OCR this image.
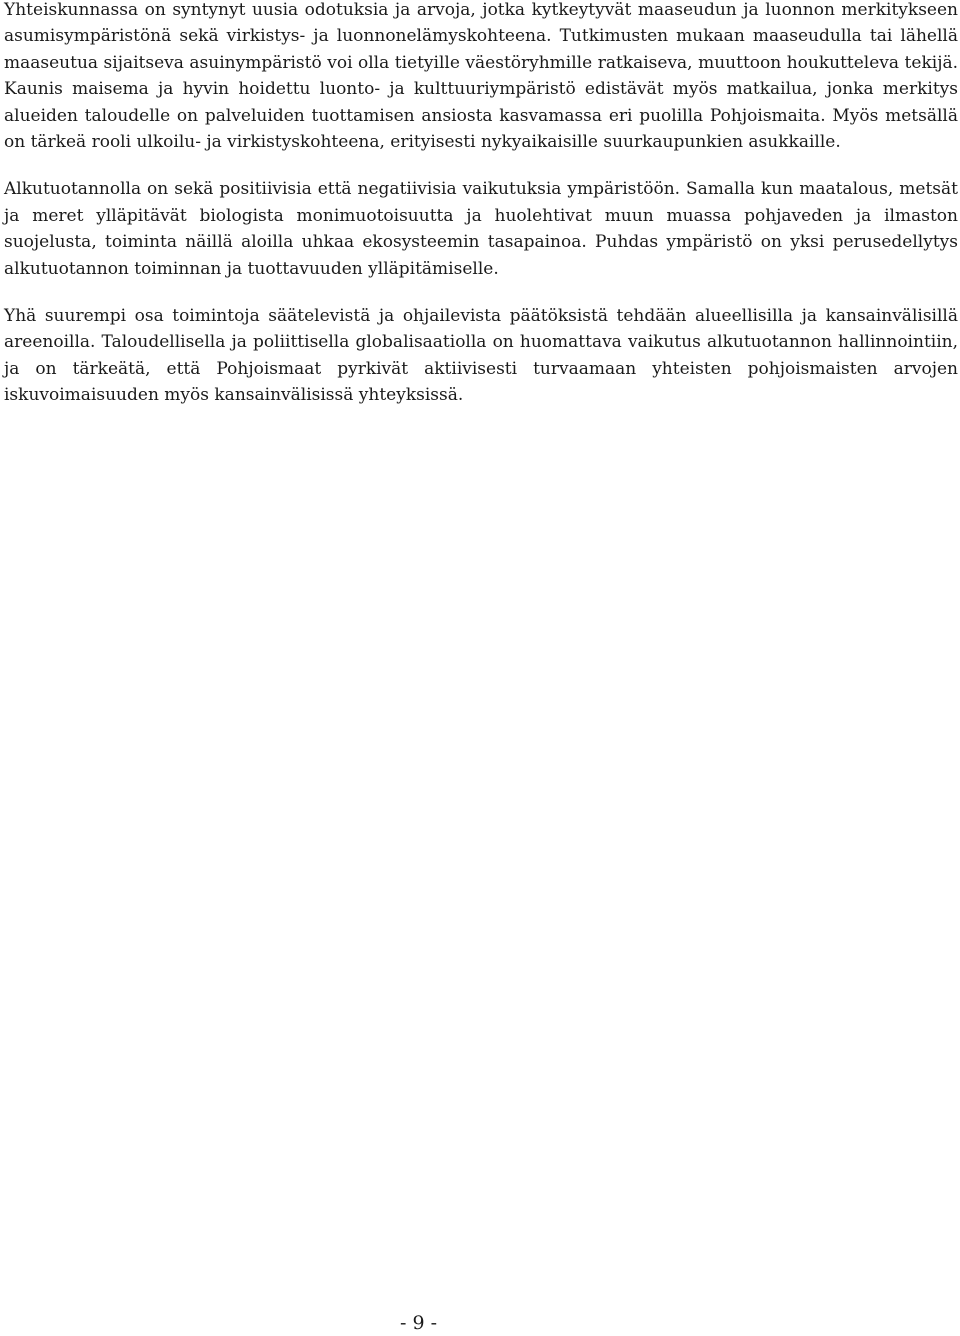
Yhteiskunnassa on syntynyt uusia odotuksia ja arvoja, jotka kytkeytyvät maaseudun ja luonnon merkitykseen asumisympäristönä sekä virkistys- ja luonnonelämyskohteena. Tutkimusten mukaan maaseudulla tai lähellä maaseutua sijaitseva asuinympäristö voi olla tietyille väestöryhmille ratkaiseva, muuttoon houkutteleva tekijä. Kaunis maisema ja hyvin hoidettu luonto- ja kulttuuriympäristö edistävät myös matkailua, jonka merkitys alueiden taloudelle on palveluiden tuottamisen ansiosta kasvamassa eri puolilla Pohjoismaita. Myös metsällä on tärkeä rooli ulkoilu- ja virkistyskohteena, erityisesti nykyaikaisille suurkaupunkien asukkaille.

Alkutuotannolla on sekä positiivisia että negatiivisia vaikutuksia ympäristöön. Samalla kun maatalous, metsät ja meret ylläpitävät biologista monimuotoisuutta ja huolehtivat muun muassa pohjaveden ja ilmaston suojelusta, toiminta näillä aloilla uhkaa ekosysteemin tasapainoa. Puhdas ympäristö on yksi perusedellytys alkutuotannon toiminnan ja tuottavuuden ylläpitämiselle.

Yhä suurempi osa toimintoja säätelevistä ja ohjailevista päätöksistä tehdään alueellisilla ja kansainvälisillä areenoilla. Taloudellisella ja poliittisella globalisaatiolla on huomattava vaikutus alkutuotannon hallinnointiin, ja on tärkeätä, että Pohjoismaat pyrkivät aktiivisesti turvaamaan yhteisten pohjoismaisten arvojen iskuvoimaisuuden myös kansainvälisissä yhteyksissä.

- 9 -
